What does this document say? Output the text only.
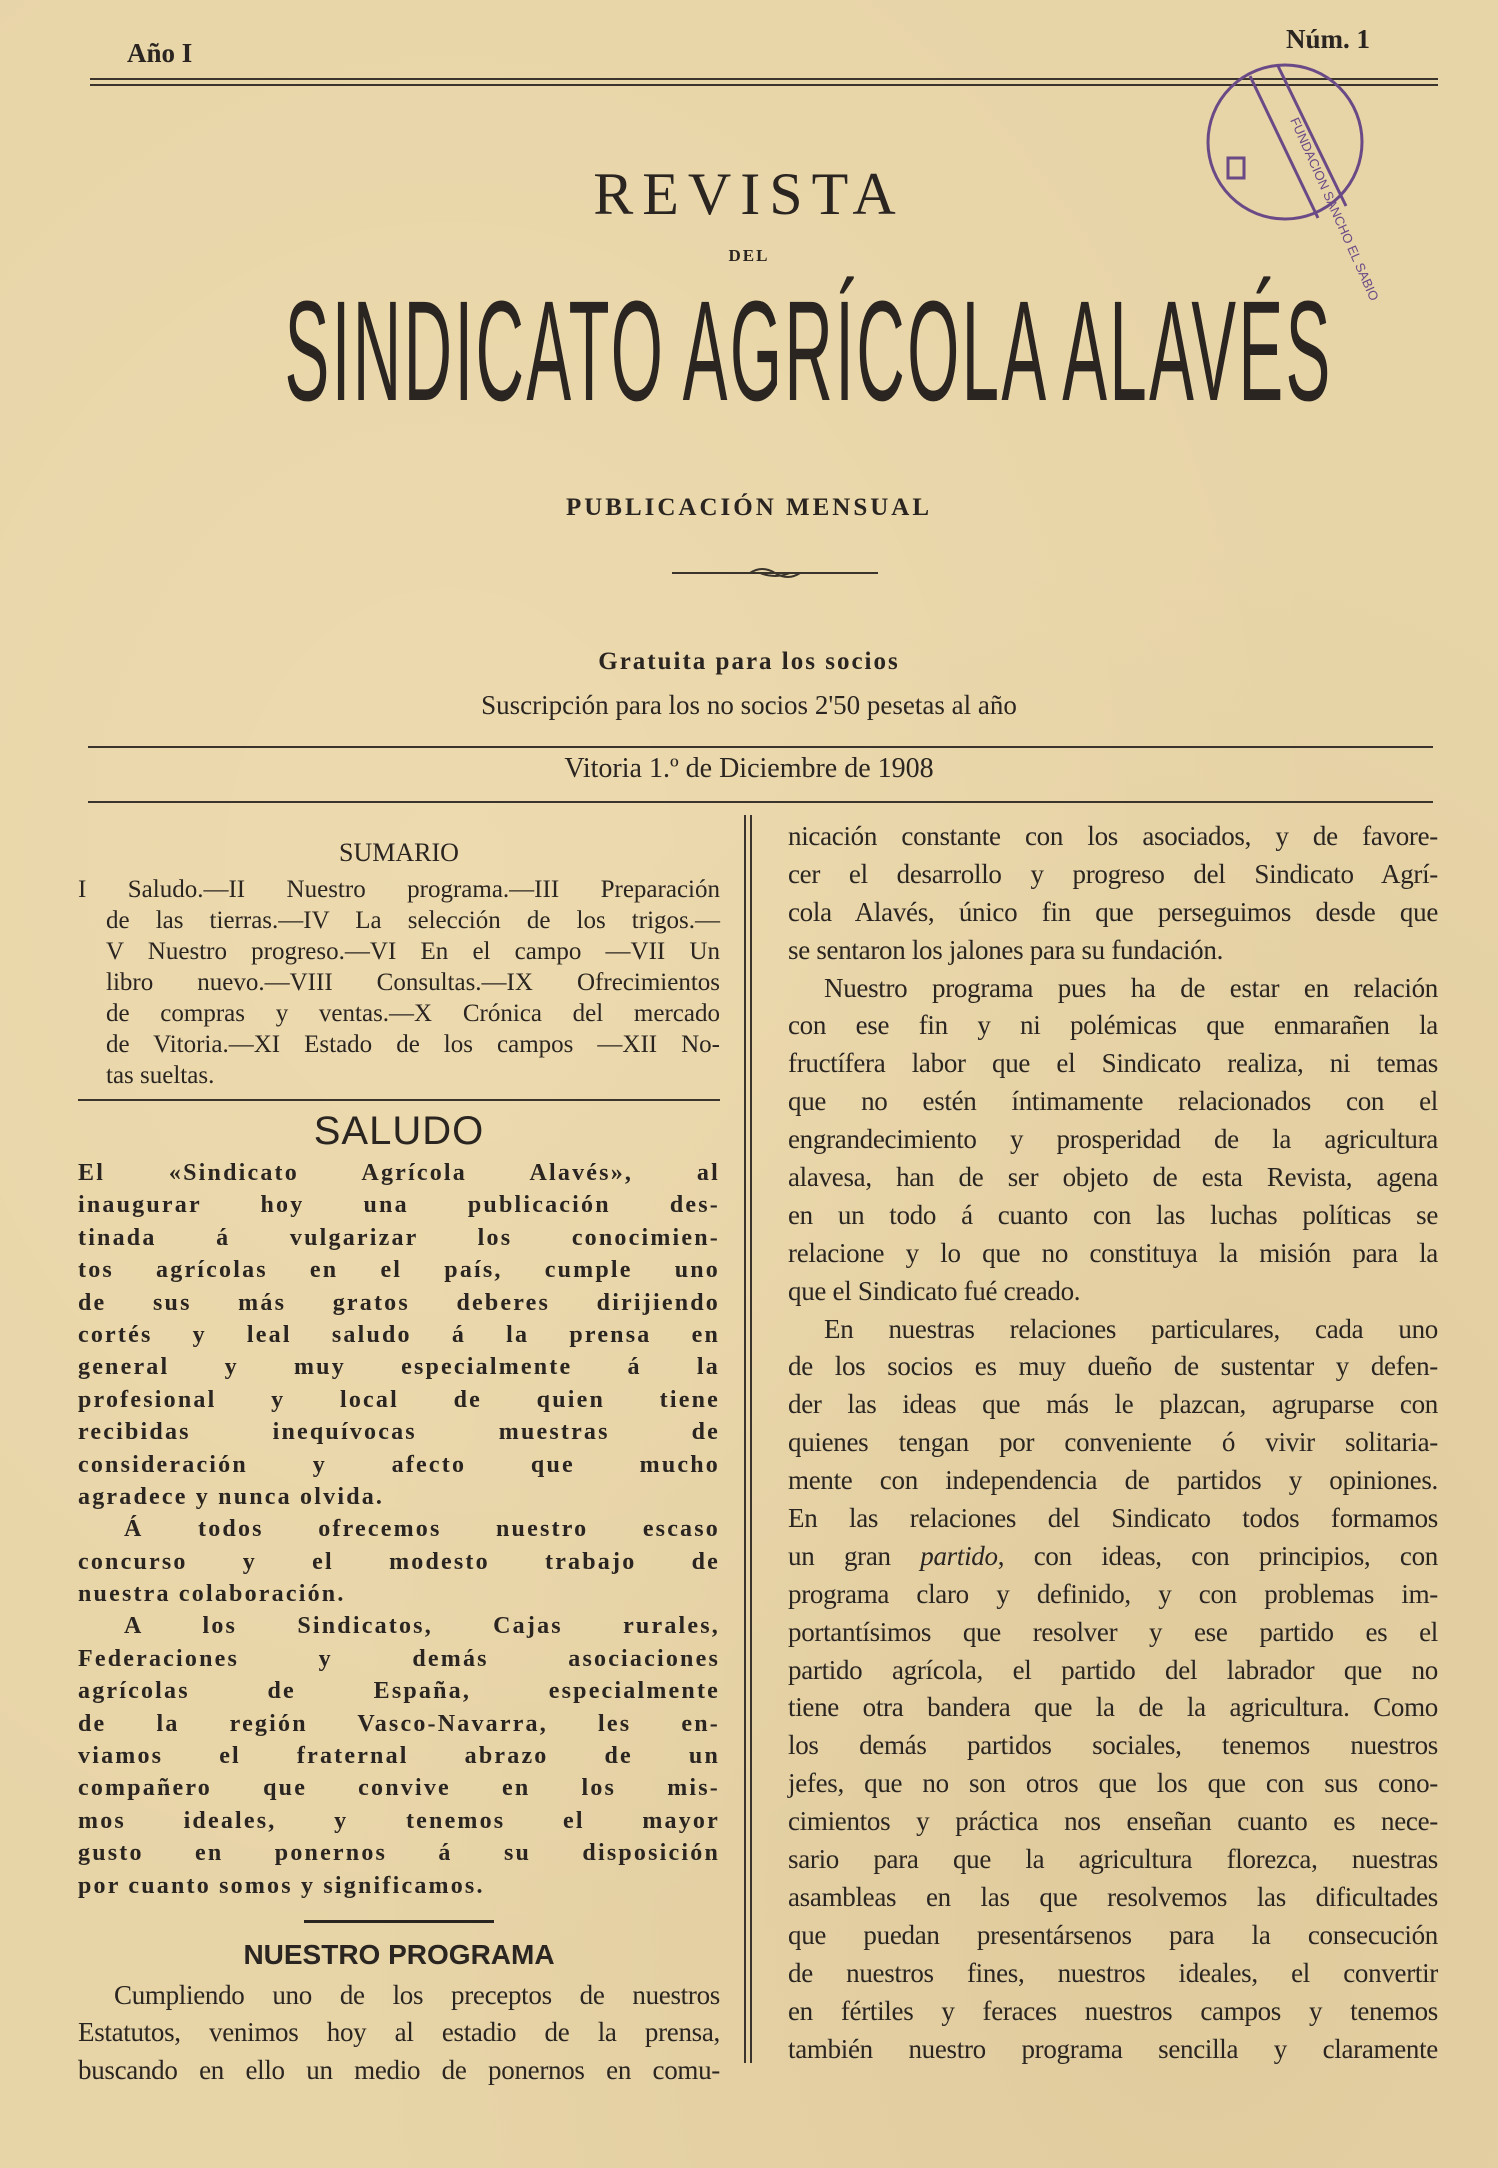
Año I	Núm. 1
FUNDACION SANCHO EL SABIO
REVISTA
DEL
SINDICATO AGRÍCOLA ALAVÉS
PUBLICACIÓN MENSUAL
Gratuita para los socios
Suscripción para los no socios 2'50 pesetas al año
Vitoria 1.º de Diciembre de 1908
SUMARIO
I Saludo.—II Nuestro programa.—III Preparación
de las tierras.—IV La selección de los trigos.—
V Nuestro progreso.—VI En el campo —VII Un
libro nuevo.—VIII Consultas.—IX Ofrecimientos
de compras y ventas.—X Crónica del mercado
de Vitoria.—XI Estado de los campos —XII No-
tas sueltas.
SALUDO
El «Sindicato Agrícola Alavés», al
inaugurar hoy una publicación des-
tinada á vulgarizar los conocimien-
tos agrícolas en el país, cumple uno
de sus más gratos deberes dirijiendo
cortés y leal saludo á la prensa en
general y muy especialmente á la
profesional y local de quien tiene
recibidas inequívocas muestras de
consideración y afecto que mucho
agradece y nunca olvida.
Á todos ofrecemos nuestro escaso
concurso y el modesto trabajo de
nuestra colaboración.
A los Sindicatos, Cajas rurales,
Federaciones y demás asociaciones
agrícolas de España, especialmente
de la región Vasco-Navarra, les en-
viamos el fraternal abrazo de un
compañero que convive en los mis-
mos ideales, y tenemos el mayor
gusto en ponernos á su disposición
por cuanto somos y significamos.
NUESTRO PROGRAMA
Cumpliendo uno de los preceptos de nuestros
Estatutos, venimos hoy al estadio de la prensa,
buscando en ello un medio de ponernos en comu-
nicación constante con los asociados, y de favore-
cer el desarrollo y progreso del Sindicato Agrí-
cola Alavés, único fin que perseguimos desde que
se sentaron los jalones para su fundación.
Nuestro programa pues ha de estar en relación
con ese fin y ni polémicas que enmarañen la
fructífera labor que el Sindicato realiza, ni temas
que no estén íntimamente relacionados con el
engrandecimiento y prosperidad de la agricultura
alavesa, han de ser objeto de esta Revista, agena
en un todo á cuanto con las luchas políticas se
relacione y lo que no constituya la misión para la
que el Sindicato fué creado.
En nuestras relaciones particulares, cada uno
de los socios es muy dueño de sustentar y defen-
der las ideas que más le plazcan, agruparse con
quienes tengan por conveniente ó vivir solitaria-
mente con independencia de partidos y opiniones.
En las relaciones del Sindicato todos formamos
un gran partido, con ideas, con principios, con
programa claro y definido, y con problemas im-
portantísimos que resolver y ese partido es el
partido agrícola, el partido del labrador que no
tiene otra bandera que la de la agricultura. Como
los demás partidos sociales, tenemos nuestros
jefes, que no son otros que los que con sus cono-
cimientos y práctica nos enseñan cuanto es nece-
sario para que la agricultura florezca, nuestras
asambleas en las que resolvemos las dificultades
que puedan presentársenos para la consecución
de nuestros fines, nuestros ideales, el convertir
en fértiles y feraces nuestros campos y tenemos
también nuestro programa sencilla y claramente
